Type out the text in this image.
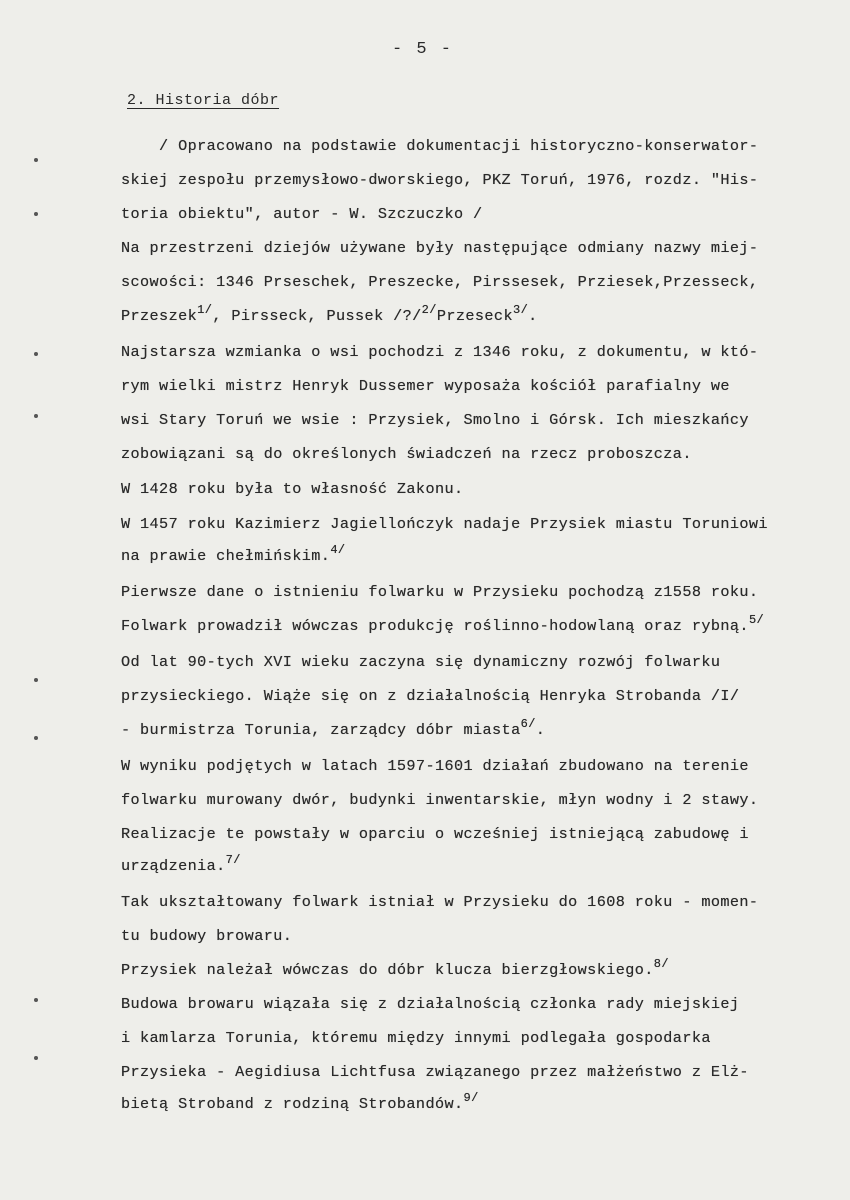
- 5 -
2. Historia dóbr
/ Opracowano na podstawie dokumentacji historyczno-konserwator-
skiej zespołu przemysłowo-dworskiego, PKZ Toruń, 1976, rozdz. "His-
toria obiektu", autor - W. Szczuczko /
Na przestrzeni dziejów używane były następujące odmiany nazwy miej-
scowości: 1346 Prseschek, Preszecke, Pirssesek, Prziesek,Przesseck,
Przeszek$^{1/}$, Pirsseck, Pussek /?/$^{2/}$Przeseck$^{3/}$.
Najstarsza wzmianka o wsi pochodzi z 1346 roku, z dokumentu, w któ-
rym wielki mistrz Henryk Dussemer wyposaża kościół parafialny we
wsi Stary Toruń we wsie : Przysiek, Smolno i Górsk. Ich mieszkańcy
zobowiązani są do określonych świadczeń na rzecz proboszcza.
W 1428 roku była to własność Zakonu.
W 1457 roku Kazimierz Jagiellończyk nadaje Przysiek miastu Toruniowi
na prawie chełmińskim.$^{4/}$
Pierwsze dane o istnieniu folwarku w Przysieku pochodzą z1558 roku.
Folwark prowadził wówczas produkcję roślinno-hodowlaną oraz rybną.$^{5/}$
Od lat 90-tych XVI wieku zaczyna się dynamiczny rozwój folwarku
przysieckiego. Wiąże się on z działalnością Henryka Strobanda /I/
- burmistrza Torunia, zarządcy dóbr miasta$^{6/}$.
W wyniku podjętych w latach 1597-1601 działań zbudowano na terenie
folwarku murowany dwór, budynki inwentarskie, młyn wodny i 2 stawy.
Realizacje te powstały w oparciu o wcześniej istniejącą zabudowę i
urządzenia.$^{7/}$
Tak ukształtowany folwark istniał w Przysieku do 1608 roku - momen-
tu budowy browaru.
Przysiek należał wówczas do dóbr klucza bierzgłowskiego.$^{8/}$
Budowa browaru wiązała się z działalnością członka rady miejskiej
i kamlarza Torunia, któremu między innymi podlegała gospodarka
Przysieka - Aegidiusa Lichtfusa związanego przez małżeństwo z Elż-
bietą Stroband z rodziną Strobandów.$^{9/}$
